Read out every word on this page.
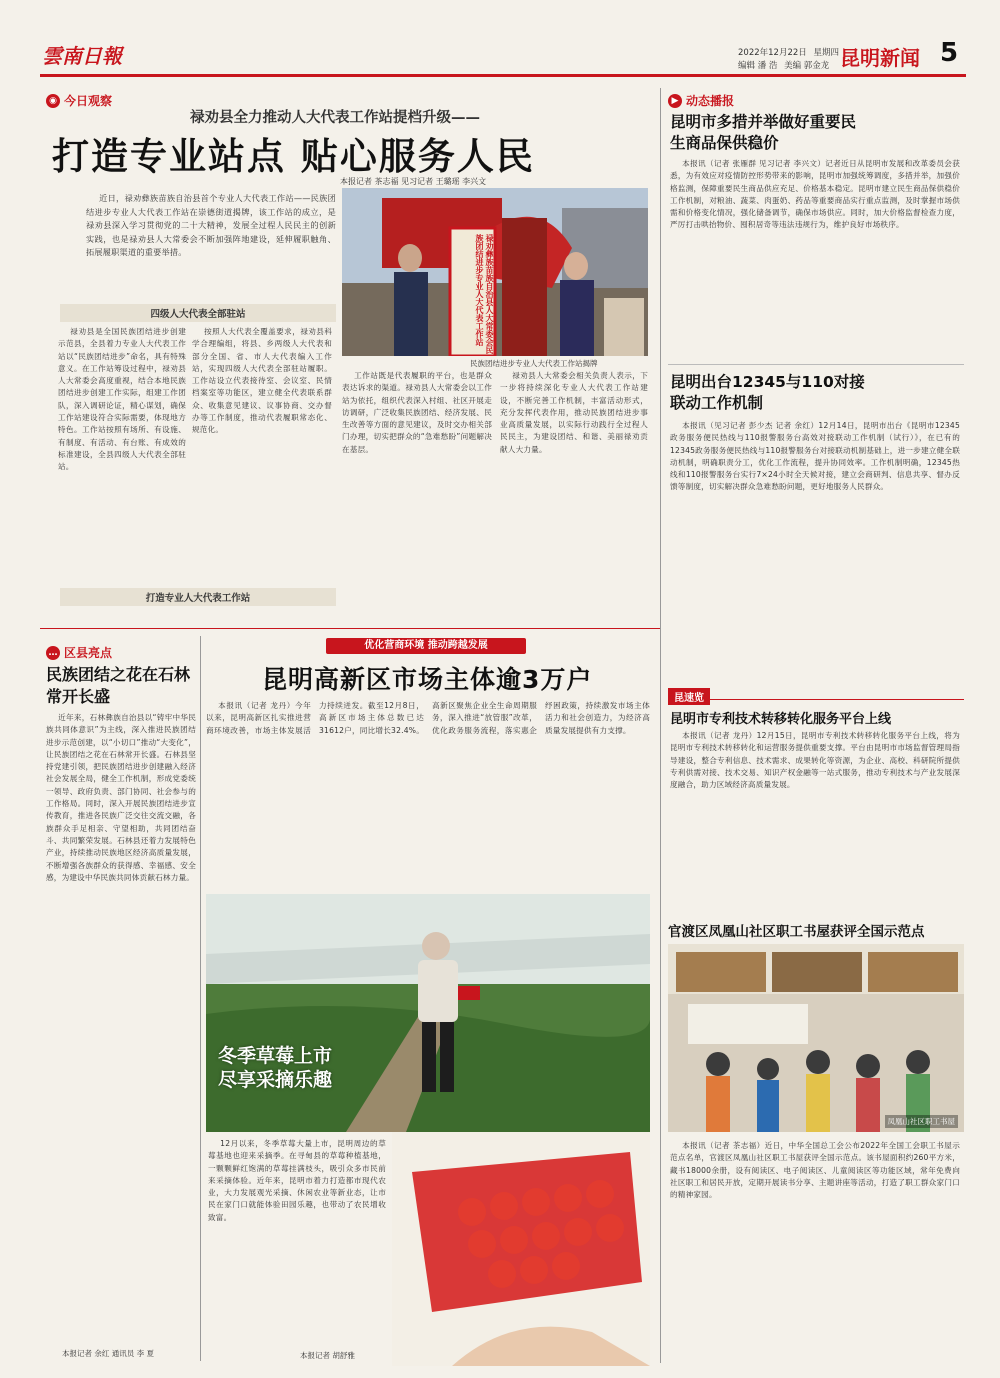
雲南日報	2022年12月22日 星期四
编辑 潘 浩 美编 郭金龙 昆明新闻 5
◉ 今日观察
禄劝县全力推动人大代表工作站提档升级——
打造专业站点 贴心服务人民
本报记者 茶志福 见习记者 王璐瑶 李兴文

近日，禄劝彝族苗族自治县首个专业人大代表工作站——民族团结进步专业人大代表工作站在崇德街道揭牌，该工作站的成立，是禄劝县深入学习贯彻党的二十大精神，发展全过程人民民主的创新实践，也是禄劝县人大常委会不断加强阵地建设，延伸履职触角、拓展履职渠道的重要举措。	禄劝彝族苗族自治县人大常委会民族团结进步专业人大代表工作站
民族团结进步专业人大代表工作站揭牌
四级人大代表全部驻站

禄劝县是全国民族团结进步创建示范县，全县着力专业人大代表工作站以“民族团结进步”命名，具有特殊意义。在工作站筹设过程中，禄劝县人大常委会高度重视，结合本地民族团结进步创建工作实际，组建工作团队，深入调研论证，精心谋划，确保工作站建设符合实际需要，体现地方特色。工作站按照有场所、有设施、有制度、有活动、有台账、有成效的标准建设，全县四级人大代表全部驻站。

按照人大代表全覆盖要求，禄劝县科学合理编组，将县、乡两级人大代表和部分全国、省、市人大代表编入工作站，实现四级人大代表全部驻站履职。工作站设立代表接待室、会议室、民情档案室等功能区，建立健全代表联系群众、收集意见建议、议事协商、交办督办等工作制度，推动代表履职常态化、规范化。

打造专业人大代表工作站

工作站既是代表履职的平台，也是群众表达诉求的渠道。禄劝县人大常委会以工作站为依托，组织代表深入村组、社区开展走访调研，广泛收集民族团结、经济发展、民生改善等方面的意见建议，及时交办相关部门办理，切实把群众的“急难愁盼”问题解决在基层。

禄劝县人大常委会相关负责人表示，下一步将持续深化专业人大代表工作站建设，不断完善工作机制，丰富活动形式，充分发挥代表作用，推动民族团结进步事业高质量发展，以实际行动践行全过程人民民主，为建设团结、和谐、美丽禄劝贡献人大力量。

▶ 动态播报
昆明市多措并举做好重要民生商品保供稳价

本报讯（记者 张雁群 见习记者 李兴文）记者近日从昆明市发展和改革委员会获悉，为有效应对疫情防控形势带来的影响，昆明市加强统筹调度，多措并举，加强价格监测，保障重要民生商品供应充足、价格基本稳定。昆明市建立民生商品保供稳价工作机制，对粮油、蔬菜、肉蛋奶、药品等重要商品实行重点监测，及时掌握市场供需和价格变化情况，强化储备调节，确保市场供应。同时，加大价格监督检查力度，严厉打击哄抬物价、囤积居奇等违法违规行为，维护良好市场秩序。

昆明出台12345与110对接联动工作机制

本报讯（见习记者 彭少杰 记者 余红）12月14日，昆明市出台《昆明市12345政务服务便民热线与110报警服务台高效对接联动工作机制（试行）》，在已有的12345政务服务便民热线与110报警服务台对接联动机制基础上，进一步建立健全联动机制，明确职责分工，优化工作流程，提升协同效率。工作机制明确，12345热线和110报警服务台实行7×24小时全天候对接，建立会商研判、信息共享、督办反馈等制度，切实解决群众急难愁盼问题，更好地服务人民群众。

昆速览
昆明市专利技术转移转化服务平台上线

本报讯（记者 龙丹）12月15日，昆明市专利技术转移转化服务平台上线，将为昆明市专利技术转移转化和运营服务提供重要支撑。平台由昆明市市场监督管理局指导建设，整合专利信息、技术需求、成果转化等资源，为企业、高校、科研院所提供专利供需对接、技术交易、知识产权金融等一站式服务，推动专利技术与产业发展深度融合，助力区域经济高质量发展。

官渡区凤凰山社区职工书屋获评全国示范点
凤凰山社区职工书屋

本报讯（记者 茶志福）近日，中华全国总工会公布2022年全国工会职工书屋示范点名单，官渡区凤凰山社区职工书屋获评全国示范点。该书屋面积约260平方米，藏书18000余册，设有阅读区、电子阅读区、儿童阅读区等功能区域，常年免费向社区职工和居民开放，定期开展读书分享、主题讲座等活动，打造了职工群众家门口的精神家园。

… 区县亮点
民族团结之花在石林常开长盛

近年来，石林彝族自治县以“铸牢中华民族共同体意识”为主线，深入推进民族团结进步示范创建，以“小切口”推动“大变化”，让民族团结之花在石林常开长盛。石林县坚持党建引领，把民族团结进步创建融入经济社会发展全局，健全工作机制，形成党委统一领导、政府负责、部门协同、社会参与的工作格局。同时，深入开展民族团结进步宣传教育，推进各民族广泛交往交流交融，各族群众手足相亲、守望相助，共同团结奋斗、共同繁荣发展。石林县还着力发展特色产业，持续推动民族地区经济高质量发展，不断增强各族群众的获得感、幸福感、安全感，为建设中华民族共同体贡献石林力量。

本报记者 余红 通讯员 李 夏
优化营商环境 推动跨越发展
昆明高新区市场主体逾3万户

本报讯（记者 龙丹）今年以来，昆明高新区扎实推进营商环境改善，市场主体发展活力持续迸发。截至12月8日，高新区市场主体总数已达31612户，同比增长32.4%。高新区聚焦企业全生命周期服务，深入推进“放管服”改革，优化政务服务流程，落实惠企纾困政策，持续激发市场主体活力和社会创造力，为经济高质量发展提供有力支撑。

冬季草莓上市
尽享采摘乐趣

12月以来，冬季草莓大量上市，昆明周边的草莓基地也迎来采摘季。在寻甸县的草莓种植基地，一颗颗鲜红饱满的草莓挂满枝头，吸引众多市民前来采摘体验。近年来，昆明市着力打造都市现代农业，大力发展观光采摘、休闲农业等新业态，让市民在家门口就能体验田园乐趣，也带动了农民增收致富。

本报记者 胡舒雅
